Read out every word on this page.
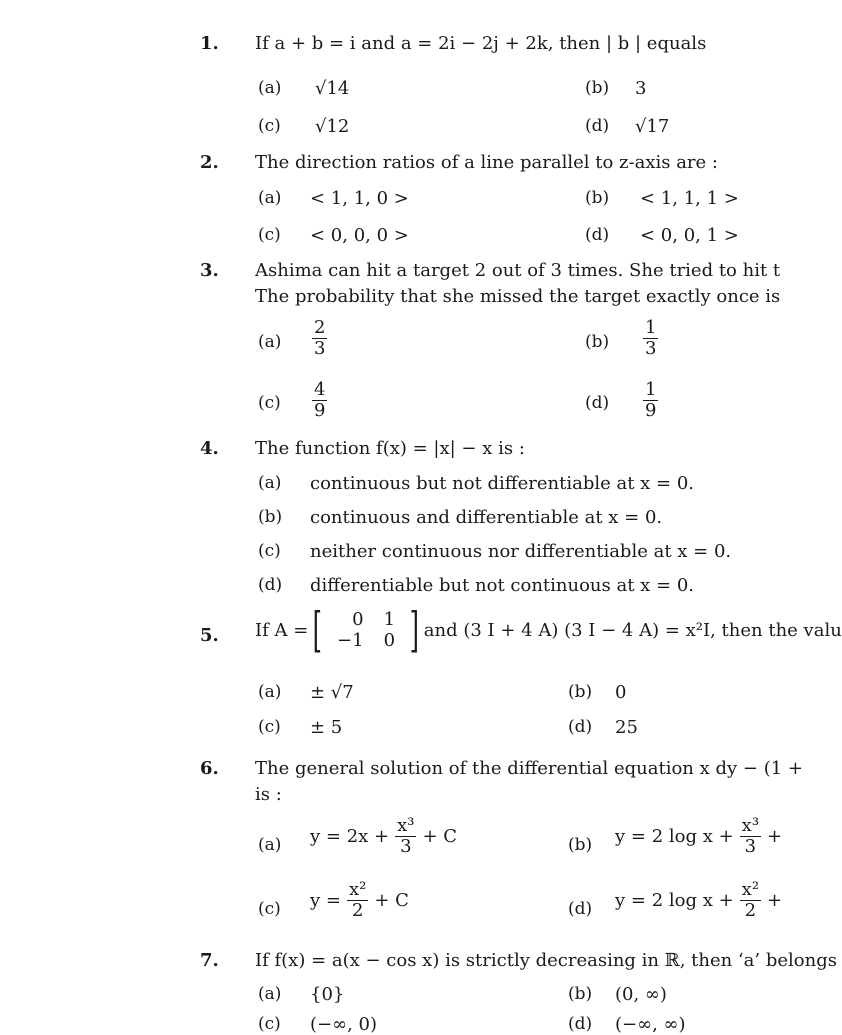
1. If a + b = i and a = 2i − 2j + 2k, then | b | equals
(a) √14	(b) 3
(c) √12	(d) √17
2. The direction ratios of a line parallel to z-axis are :
(a) < 1, 1, 0 >	(b) < 1, 1, 1 >
(c) < 0, 0, 0 >	(d) < 0, 0, 1 >
3. Ashima can hit a target 2 out of 3 times. She tried to hit t
The probability that she missed the target exactly once is
$(a) \frac{2}{3}$	$(b) \frac{1}{3}$
$(c) \frac{4}{9}$	$(d) \frac{1}{9}$
4. The function f(x) = |x| − x is :
(a) continuous but not differentiable at x = 0.
(b) continuous and differentiable at x = 0.
(c) neither continuous nor differentiable at x = 0.
(d) differentiable but not continuous at x = 0.
5. If A = [ 0	1
−1	0 ] and (3 I + 4 A) (3 I − 4 A) = x²I, then the valu
(a) ± √7	(b) 0
(c) ± 5	(d) 25
6. The general solution of the differential equation x dy − (1 +
is :
(a) $y = 2x + \frac{\text{x³}}{3} + C$	(b) y = 2 $\log x + \frac{\text{x³}}{3}$ +
(c) $y = \frac{\text{x²}}{2} + C$	(d) y = 2 $\log x + \frac{\text{x²}}{2}$ +
7. If f(x) = a(x − cos x) is strictly decreasing in ℝ, then ‘a’ belongs
(a) {0}	(b) (0, ∞)
(c) (−∞, 0)	(d) (−∞, ∞)
